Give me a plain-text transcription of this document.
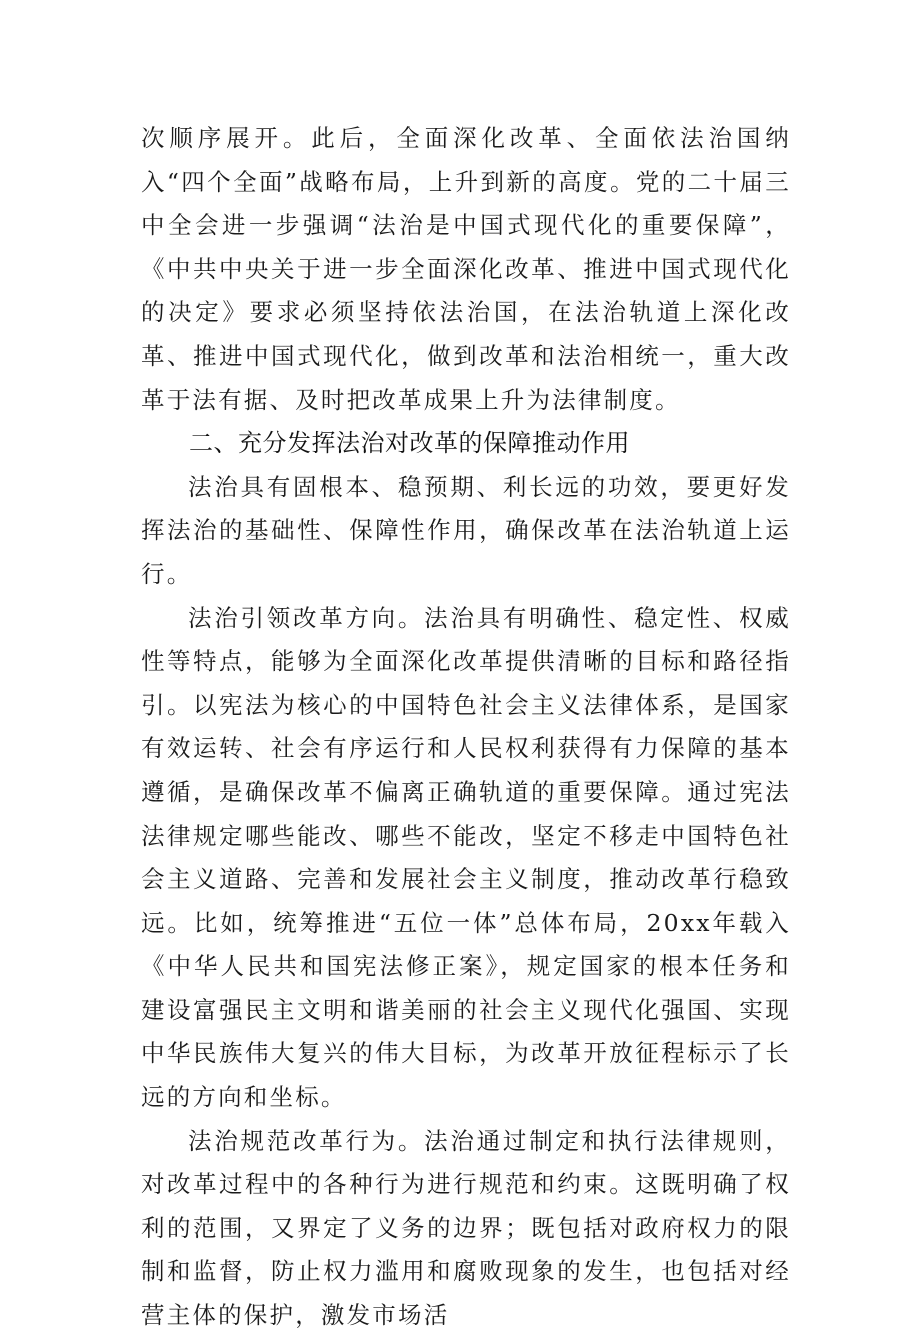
次顺序展开。此后，全面深化改革、全面依法治国纳入“四个全面”战略布局，上升到新的高度。党的二十届三中全会进一步强调“法治是中国式现代化的重要保障”，《中共中央关于进一步全面深化改革、推进中国式现代化的决定》要求必须坚持依法治国，在法治轨道上深化改革、推进中国式现代化，做到改革和法治相统一，重大改革于法有据、及时把改革成果上升为法律制度。

二、充分发挥法治对改革的保障推动作用

法治具有固根本、稳预期、利长远的功效，要更好发挥法治的基础性、保障性作用，确保改革在法治轨道上运行。

法治引领改革方向。法治具有明确性、稳定性、权威性等特点，能够为全面深化改革提供清晰的目标和路径指引。以宪法为核心的中国特色社会主义法律体系，是国家有效运转、社会有序运行和人民权利获得有力保障的基本遵循，是确保改革不偏离正确轨道的重要保障。通过宪法法律规定哪些能改、哪些不能改，坚定不移走中国特色社会主义道路、完善和发展社会主义制度，推动改革行稳致远。比如，统筹推进“五位一体”总体布局，20xx年载入《中华人民共和国宪法修正案》，规定国家的根本任务和建设富强民主文明和谐美丽的社会主义现代化强国、实现中华民族伟大复兴的伟大目标，为改革开放征程标示了长远的方向和坐标。

法治规范改革行为。法治通过制定和执行法律规则，对改革过程中的各种行为进行规范和约束。这既明确了权利的范围，又界定了义务的边界；既包括对政府权力的限制和监督，防止权力滥用和腐败现象的发生，也包括对经营主体的保护，激发市场活
